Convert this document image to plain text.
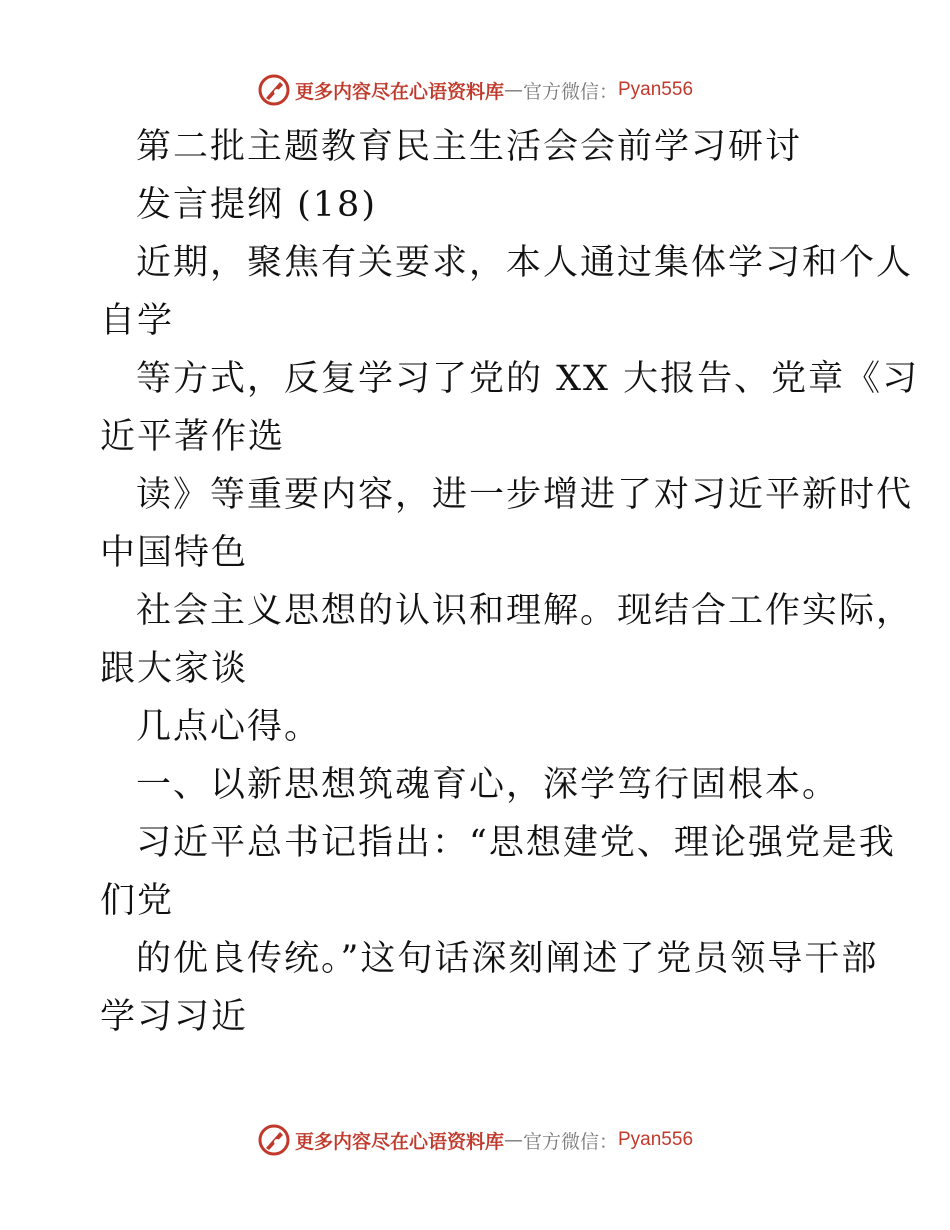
更多内容尽在心语资料库 — 官方微信： Pyan556
第二批主题教育民主生活会会前学习研讨
发言提纲 (18)
近期，聚焦有关要求，本人通过集体学习和个人
自学
等方式，反复学习了党的 XX 大报告、党章《习
近平著作选
读》等重要内容，进一步增进了对习近平新时代
中国特色
社会主义思想的认识和理解。现结合工作实际，
跟大家谈
几点心得。
一、以新思想筑魂育心，深学笃行固根本。
习近平总书记指出：“思想建党、理论强党是我
们党
的优良传统。”这句话深刻阐述了党员领导干部
学习习近
更多内容尽在心语资料库 — 官方微信： Pyan556
